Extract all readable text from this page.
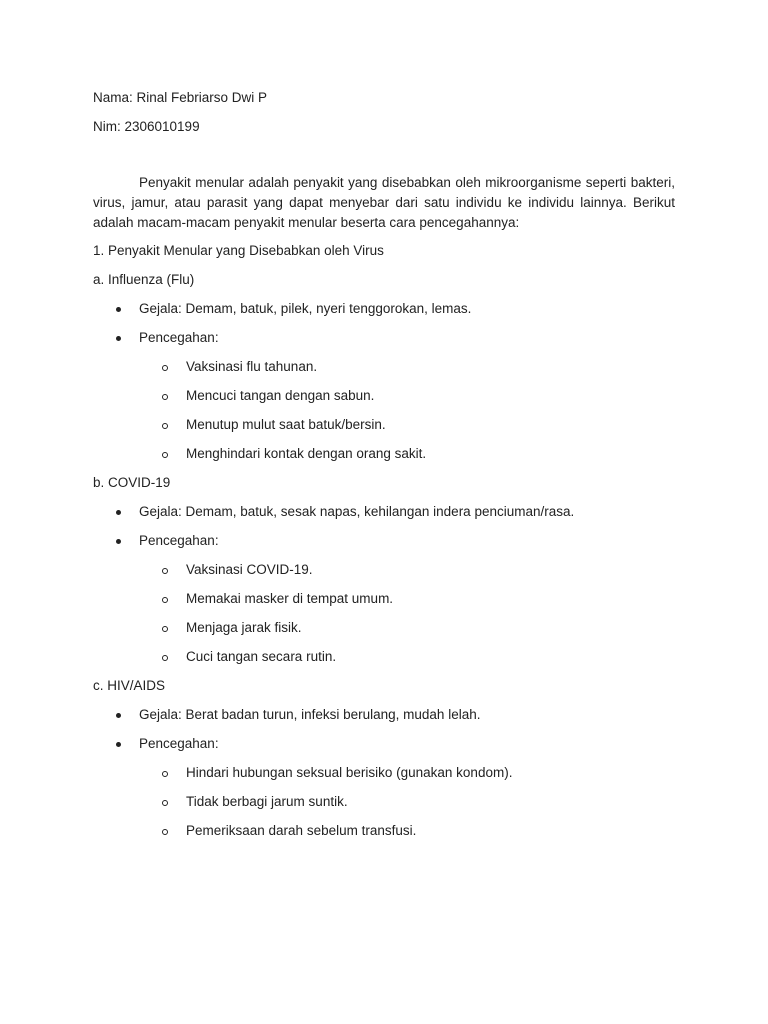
Nama: Rinal Febriarso Dwi P
Nim: 2306010199
Penyakit menular adalah penyakit yang disebabkan oleh mikroorganisme seperti bakteri, virus, jamur, atau parasit yang dapat menyebar dari satu individu ke individu lainnya. Berikut adalah macam-macam penyakit menular beserta cara pencegahannya:
1. Penyakit Menular yang Disebabkan oleh Virus
a. Influenza (Flu)
Gejala: Demam, batuk, pilek, nyeri tenggorokan, lemas.
Pencegahan:
Vaksinasi flu tahunan.
Mencuci tangan dengan sabun.
Menutup mulut saat batuk/bersin.
Menghindari kontak dengan orang sakit.
b. COVID-19
Gejala: Demam, batuk, sesak napas, kehilangan indera penciuman/rasa.
Pencegahan:
Vaksinasi COVID-19.
Memakai masker di tempat umum.
Menjaga jarak fisik.
Cuci tangan secara rutin.
c. HIV/AIDS
Gejala: Berat badan turun, infeksi berulang, mudah lelah.
Pencegahan:
Hindari hubungan seksual berisiko (gunakan kondom).
Tidak berbagi jarum suntik.
Pemeriksaan darah sebelum transfusi.
